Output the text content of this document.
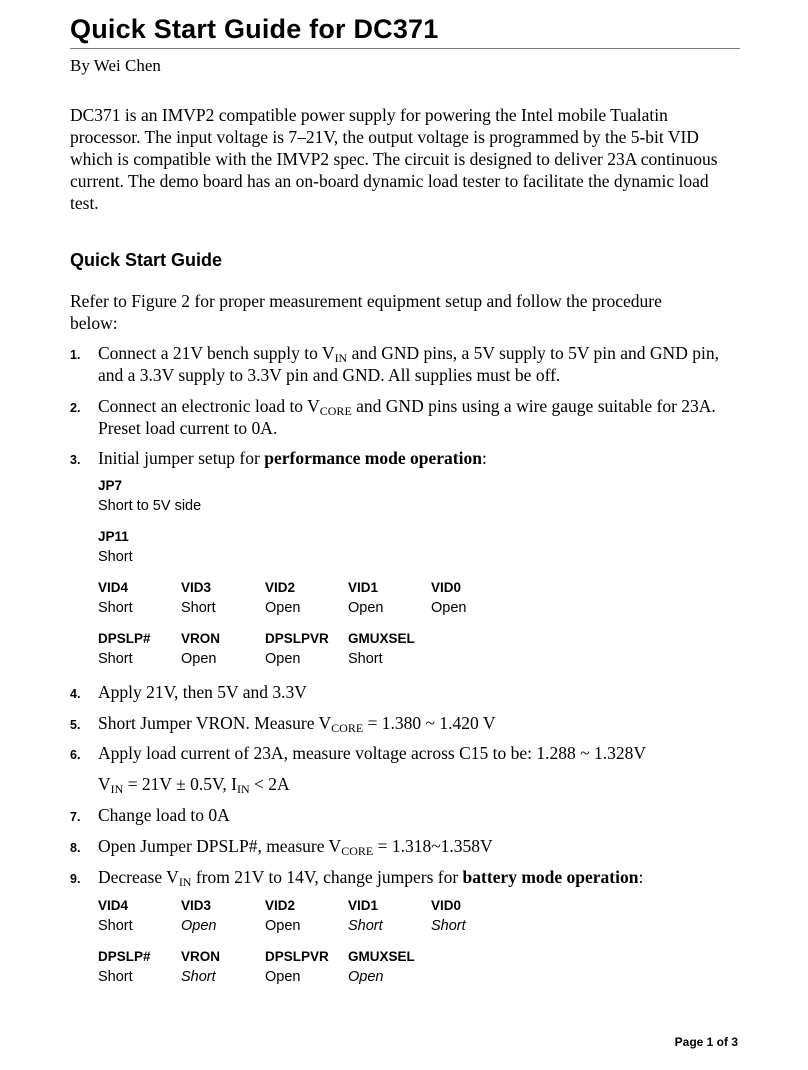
Quick Start Guide for DC371
By Wei Chen
DC371 is an IMVP2 compatible power supply for powering the Intel mobile Tualatin processor. The input voltage is 7–21V, the output voltage is programmed by the 5-bit VID which is compatible with the IMVP2 spec. The circuit is designed to deliver 23A continuous current. The demo board has an on-board dynamic load tester to facilitate the dynamic load test.
Quick Start Guide
Refer to Figure 2 for proper measurement equipment setup and follow the procedure below:
1. Connect a 21V bench supply to $V_{IN}$ and GND pins, a 5V supply to 5V pin and GND pin, and a 3.3V supply to 3.3V pin and GND. All supplies must be off.
2. Connect an electronic load to $V_{CORE}$ and GND pins using a wire gauge suitable for 23A. Preset load current to 0A.
3. Initial jumper setup for performance mode operation:
JP7
Short to 5V side
JP11
Short
VID4
Short
VID3
Short
VID2
Open
VID1
Open
VID0
Open
DPSLP#
Short
VRON
Open
DPSLPVR
Open
GMUXSEL
Short
4. Apply 21V, then 5V and 3.3V
5. Short Jumper VRON. Measure $V_{CORE} = 1.380$ ~ 1.420 V
6. Apply load current of 23A, measure voltage across C15 to be: 1.288 ~ 1.328V
$V_{IN} = 21V \pm 0.5V$, $I_{IN} < 2A$
7. Change load to 0A
8. Open Jumper DPSLP#, measure $V_{CORE}$ = 1.318~1.358V
9. Decrease $V_{IN}$ from 21V to 14V, change jumpers for battery mode operation:
VID4
Short
VID3
Open
VID2
Open
VID1
Short
VID0
Short
DPSLP#
Short
VRON
Short
DPSLPVR
Open
GMUXSEL
Open
Page 1 of 3
